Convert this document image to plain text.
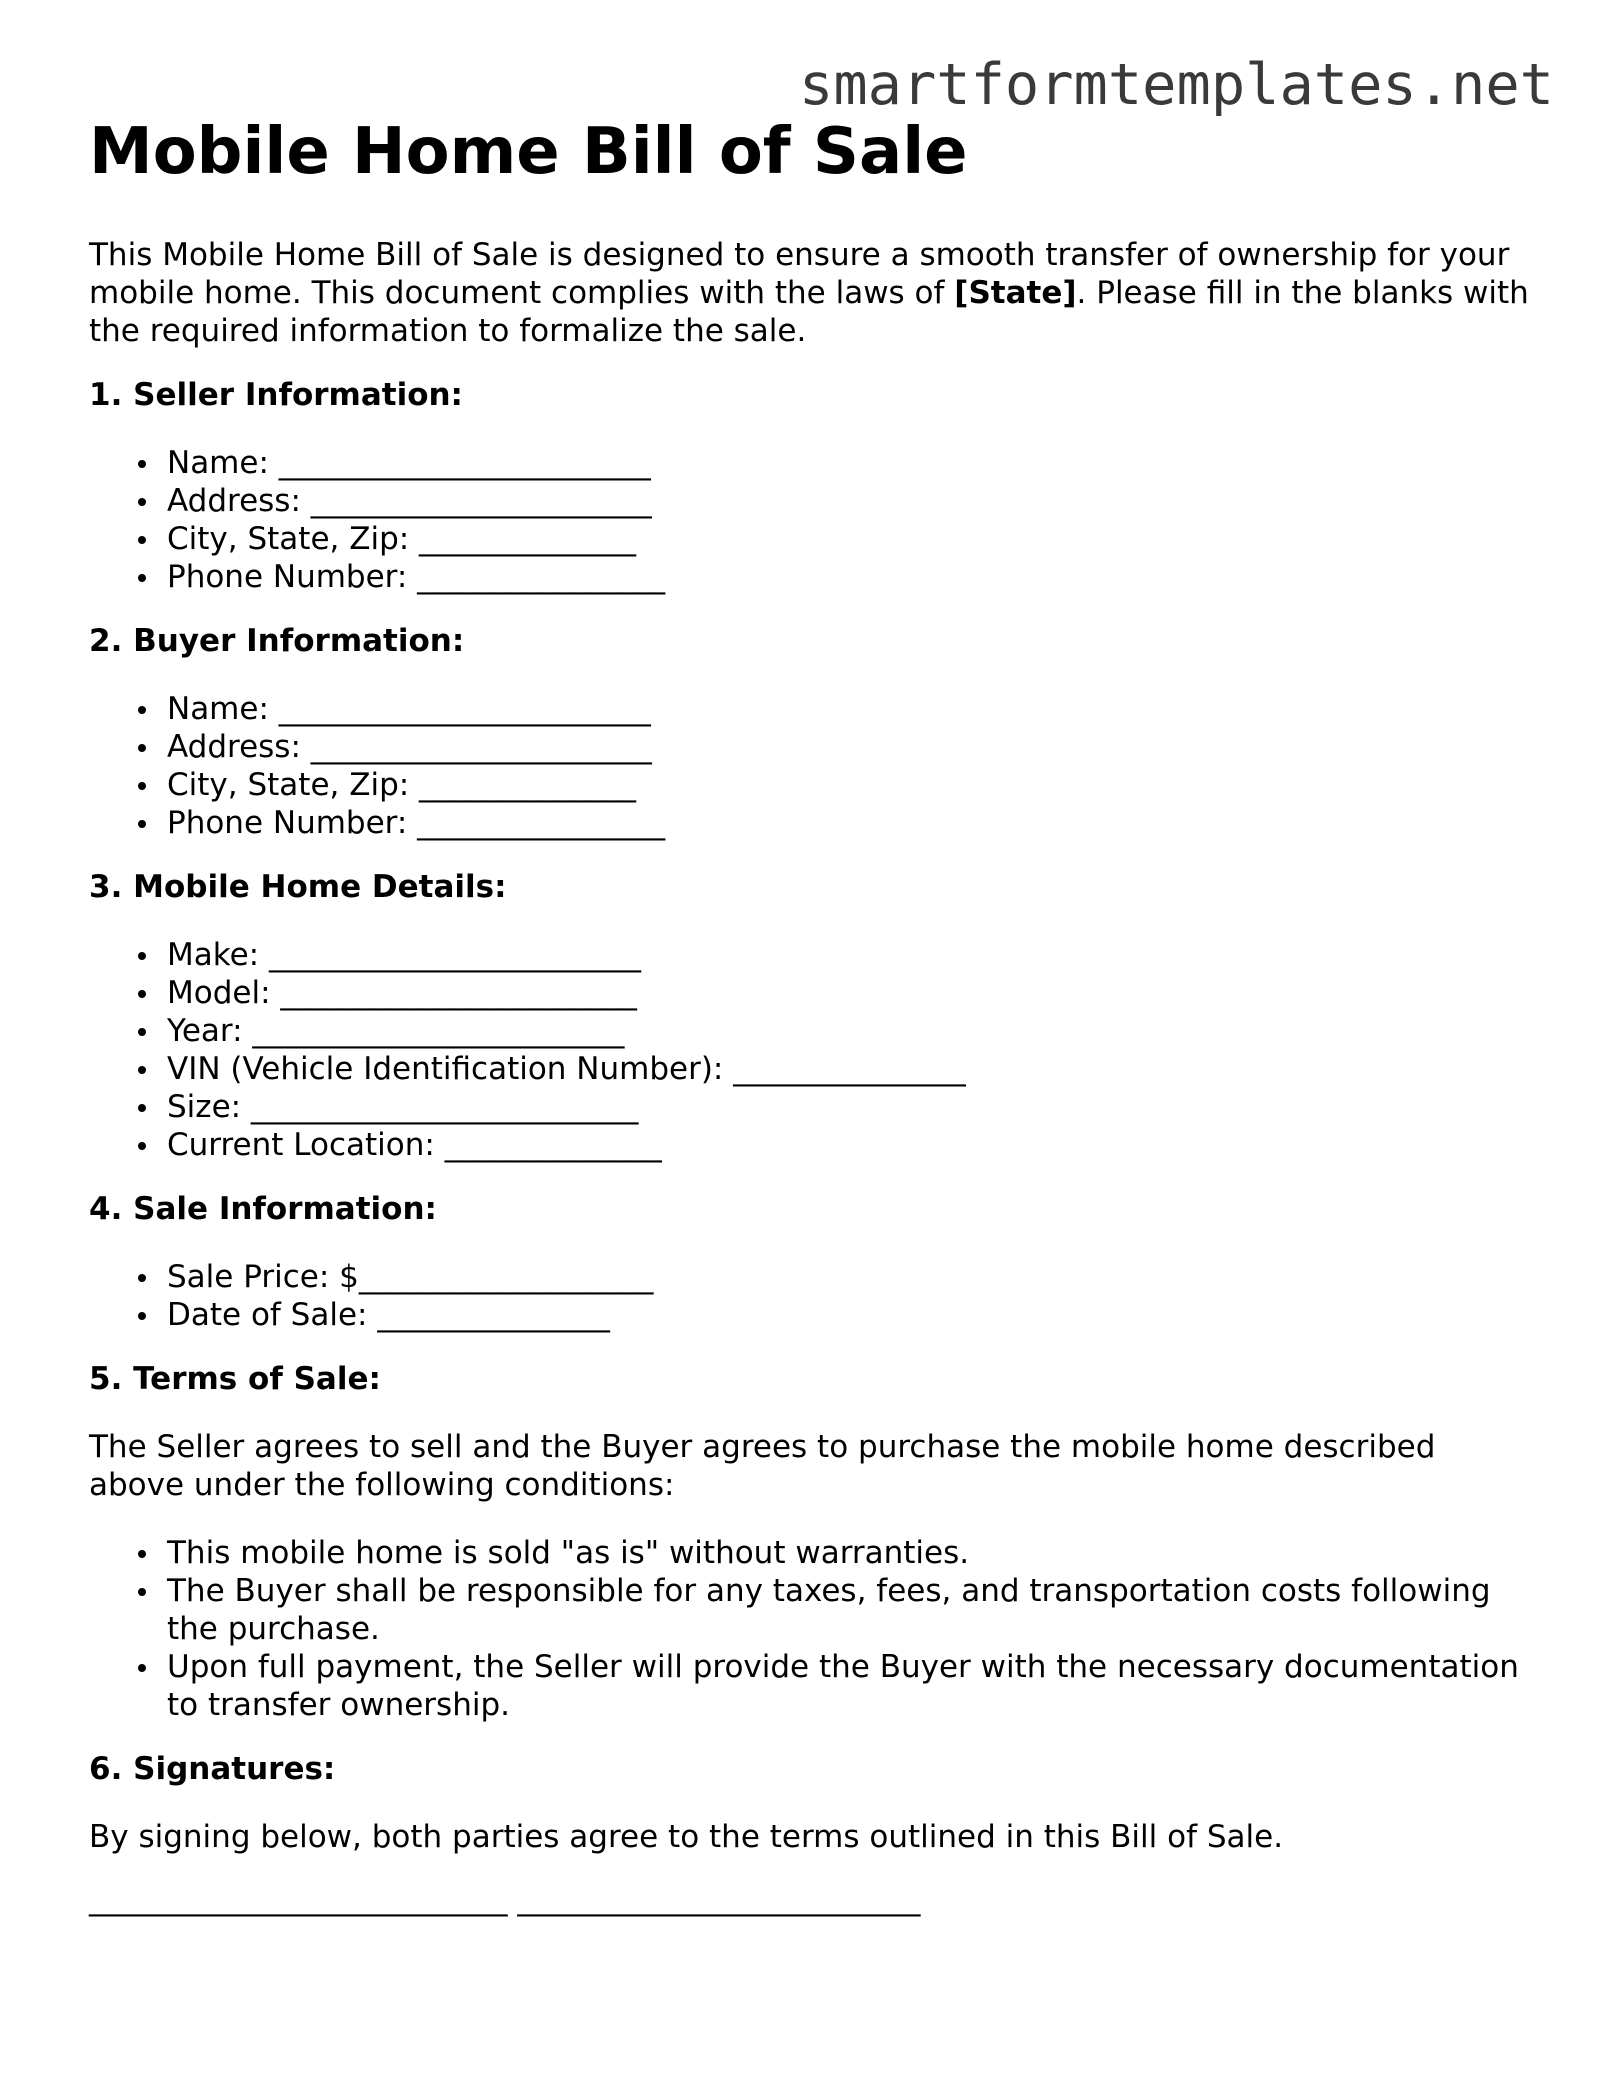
smartformtemplates.net
Mobile Home Bill of Sale

This Mobile Home Bill of Sale is designed to ensure a smooth transfer of ownership for your mobile home. This document complies with the laws of [State]. Please fill in the blanks with the required information to formalize the sale.

1. Seller Information:
Name: ________________________
Address: ______________________
City, State, Zip: ______________
Phone Number: ________________
2. Buyer Information:
Name: ________________________
Address: ______________________
City, State, Zip: ______________
Phone Number: ________________
3. Mobile Home Details:
Make: ________________________
Model: _______________________
Year: ________________________
VIN (Vehicle Identification Number): _______________
Size: _________________________
Current Location: ______________
4. Sale Information:
Sale Price: $___________________
Date of Sale: _______________
5. Terms of Sale:

The Seller agrees to sell and the Buyer agrees to purchase the mobile home described above under the following conditions:

This mobile home is sold "as is" without warranties.
The Buyer shall be responsible for any taxes, fees, and transportation costs following the purchase.
Upon full payment, the Seller will provide the Buyer with the necessary documentation to transfer ownership.
6. Signatures:

By signing below, both parties agree to the terms outlined in this Bill of Sale.

___________________________ __________________________
